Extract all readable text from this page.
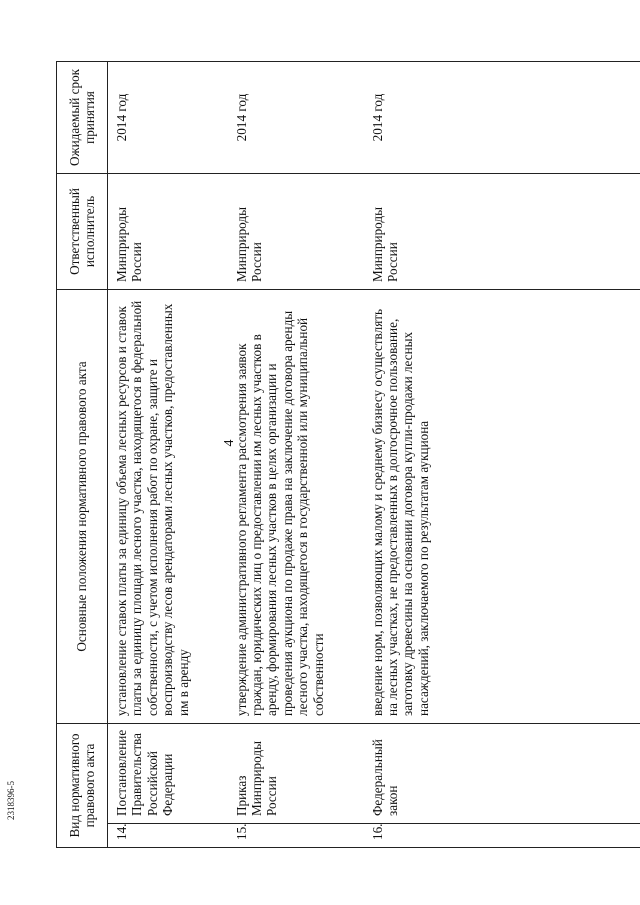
4
Вид нормативного правового акта		Основные положения нормативного правового акта	Ответственный исполнитель	Ожидаемый срок принятия
14.	Постановление Правительства Российской Федерации	установление ставок платы за единицу объема лесных ресурсов и ставок платы за единицу площади лесного участка, находящегося в федеральной собственности, с учетом исполнения работ по охране, защите и воспроизводству лесов арендаторами лесных участков, предоставленных им в аренду	Минприроды России	2014 год
15.	Приказ Минприроды России	утверждение административного регламента рассмотрения заявок граждан, юридических лиц о предоставлении им лесных участков в аренду, формирования лесных участков в целях организации и проведения аукциона по продаже права на заключение договора аренды лесного участка, находящегося в государственной или муниципальной собственности	Минприроды России	2014 год
16.	Федеральный закон	введение норм, позволяющих малому и среднему бизнесу осуществлять на лесных участках, не предоставленных в долгосрочное пользование, заготовку древесины на основании договора купли-продажи лесных насаждений, заключаемого по результатам аукциона	Минприроды России	2014 год
2318396-5
